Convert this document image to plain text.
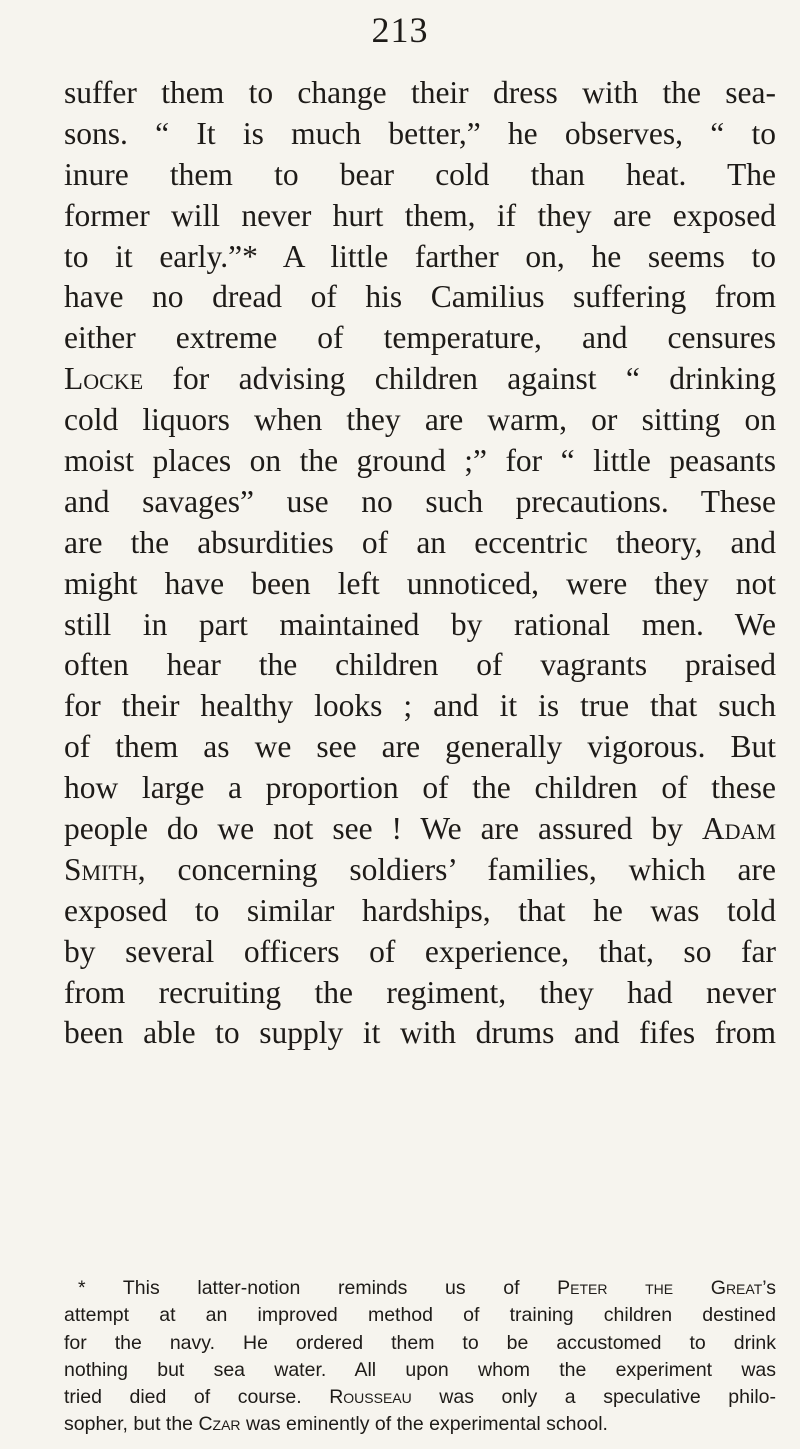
213
suffer them to change their dress with the sea-
sons. “ It is much better,” he observes, “ to
inure them to bear cold than heat. The
former will never hurt them, if they are exposed
to it early.”* A little farther on, he seems to
have no dread of his Camilius suffering from
either extreme of temperature, and censures
Locke for advising children against “ drinking
cold liquors when they are warm, or sitting on
moist places on the ground ;” for “ little peasants
and savages” use no such precautions. These
are the absurdities of an eccentric theory, and
might have been left unnoticed, were they not
still in part maintained by rational men. We
often hear the children of vagrants praised
for their healthy looks ; and it is true that such
of them as we see are generally vigorous. But
how large a proportion of the children of these
people do we not see ! We are assured by Adam
Smith, concerning soldiers’ families, which are
exposed to similar hardships, that he was told
by several officers of experience, that, so far
from recruiting the regiment, they had never
been able to supply it with drums and fifes from
* This latter-notion reminds us of Peter the Great’s
attempt at an improved method of training children destined
for the navy. He ordered them to be accustomed to drink
nothing but sea water. All upon whom the experiment was
tried died of course. Rousseau was only a speculative philo-
sopher, but the Czar was eminently of the experimental school.
